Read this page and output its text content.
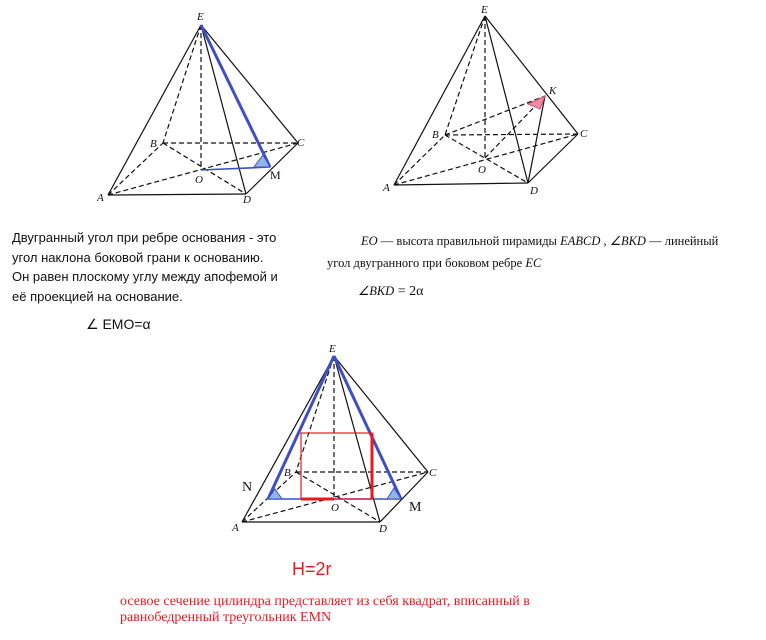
E
B	C
O	M
A	D
E
K
B	C
O
A	D
E
B	C
N
O	M
A	D
Двугранный угол при ребре основания - это
угол наклона боковой грани к основанию.
Он равен плоскому углу между апофемой и
её проекцией на основание.
∠ EMO=α
EO — высота правильной пирамиды EABCD , ∠BKD — линейный
угол двугранного при боковом ребре EC
∠BKD = 2α
H=2r
осевое сечение цилиндра представляет из себя квадрат, вписанный в
равнобедренный треугольник EMN
